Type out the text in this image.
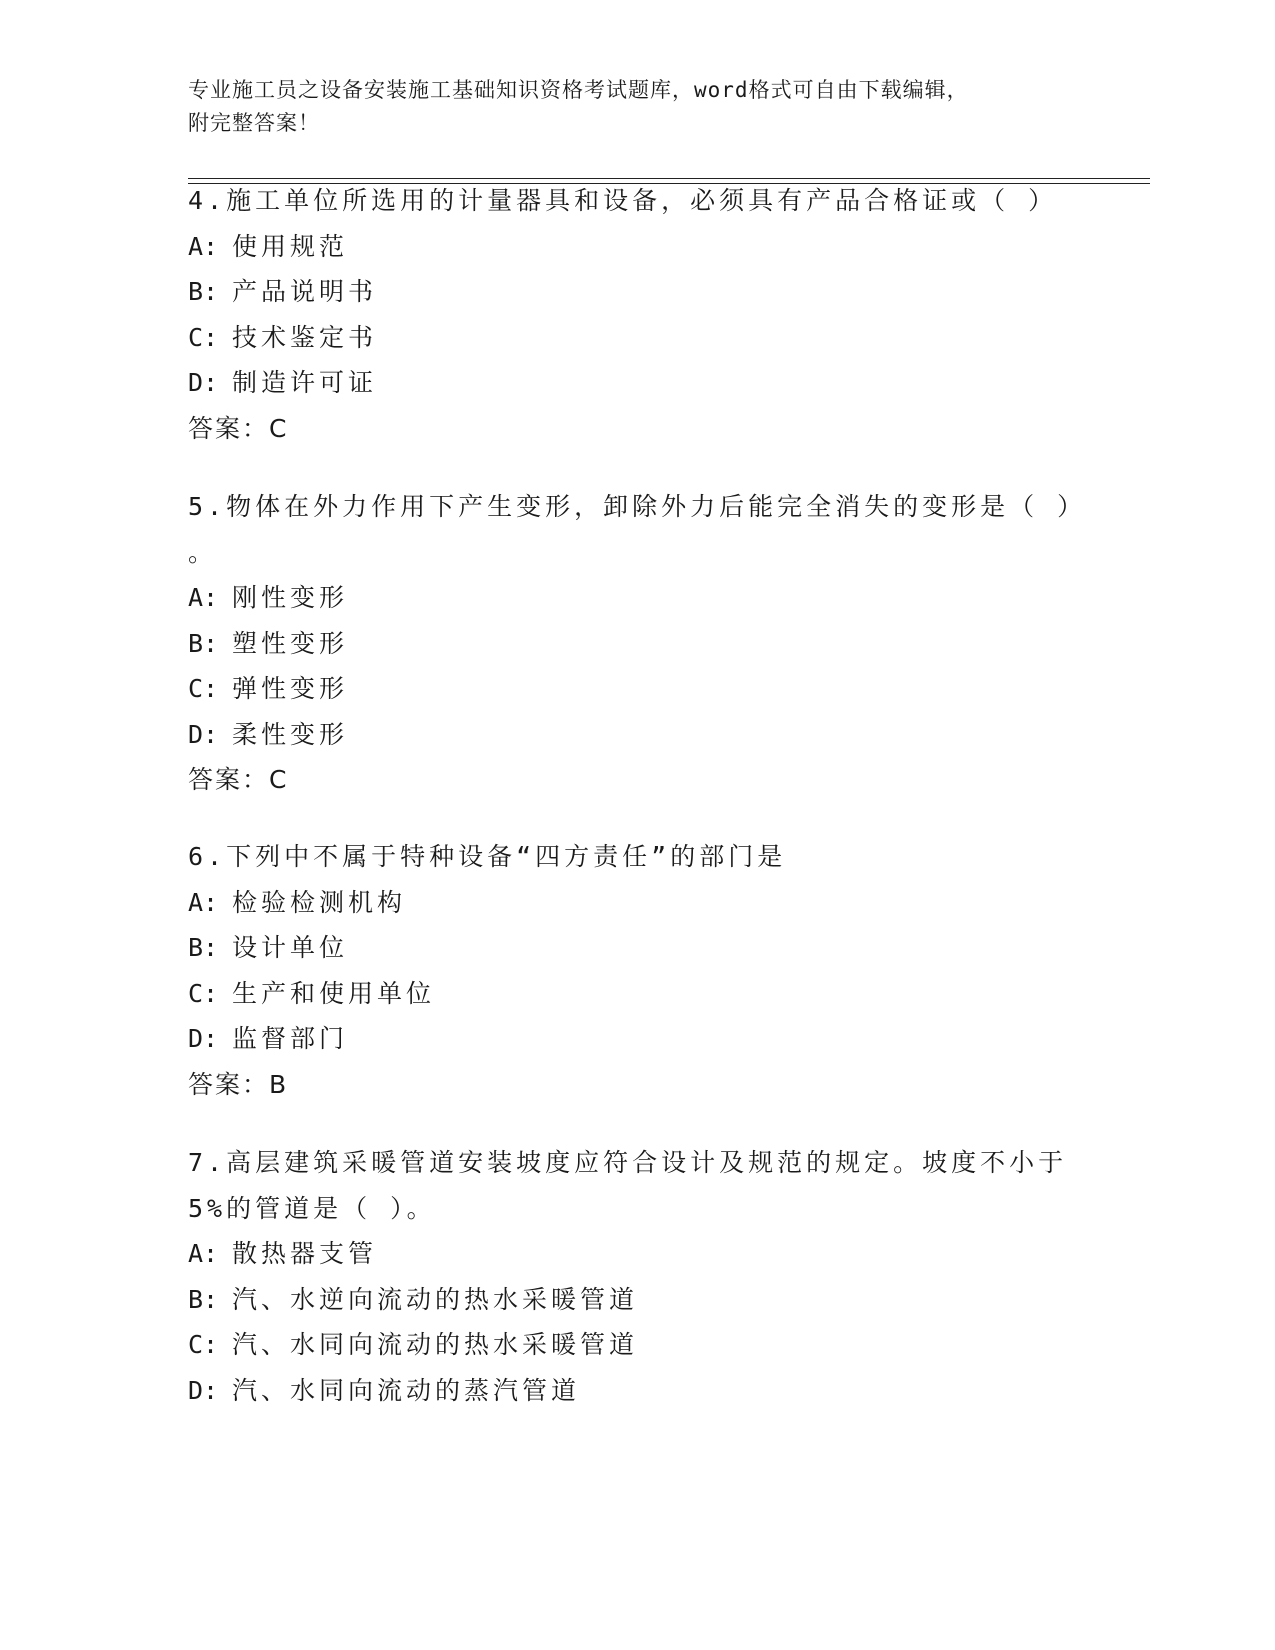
专业施工员之设备安装施工基础知识资格考试题库，word格式可自由下载编辑，
附完整答案！
4.施工单位所选用的计量器具和设备，必须具有产品合格证或（ ）
A: 使用规范
B: 产品说明书
C: 技术鉴定书
D: 制造许可证
答案：C
5.物体在外力作用下产生变形，卸除外力后能完全消失的变形是（ ）
。
A: 刚性变形
B: 塑性变形
C: 弹性变形
D: 柔性变形
答案：C
6.下列中不属于特种设备“四方责任”的部门是
A: 检验检测机构
B: 设计单位
C: 生产和使用单位
D: 监督部门
答案：B
7.高层建筑采暖管道安装坡度应符合设计及规范的规定。坡度不小于
5%的管道是（ ）。
A: 散热器支管
B: 汽、水逆向流动的热水采暖管道
C: 汽、水同向流动的热水采暖管道
D: 汽、水同向流动的蒸汽管道
